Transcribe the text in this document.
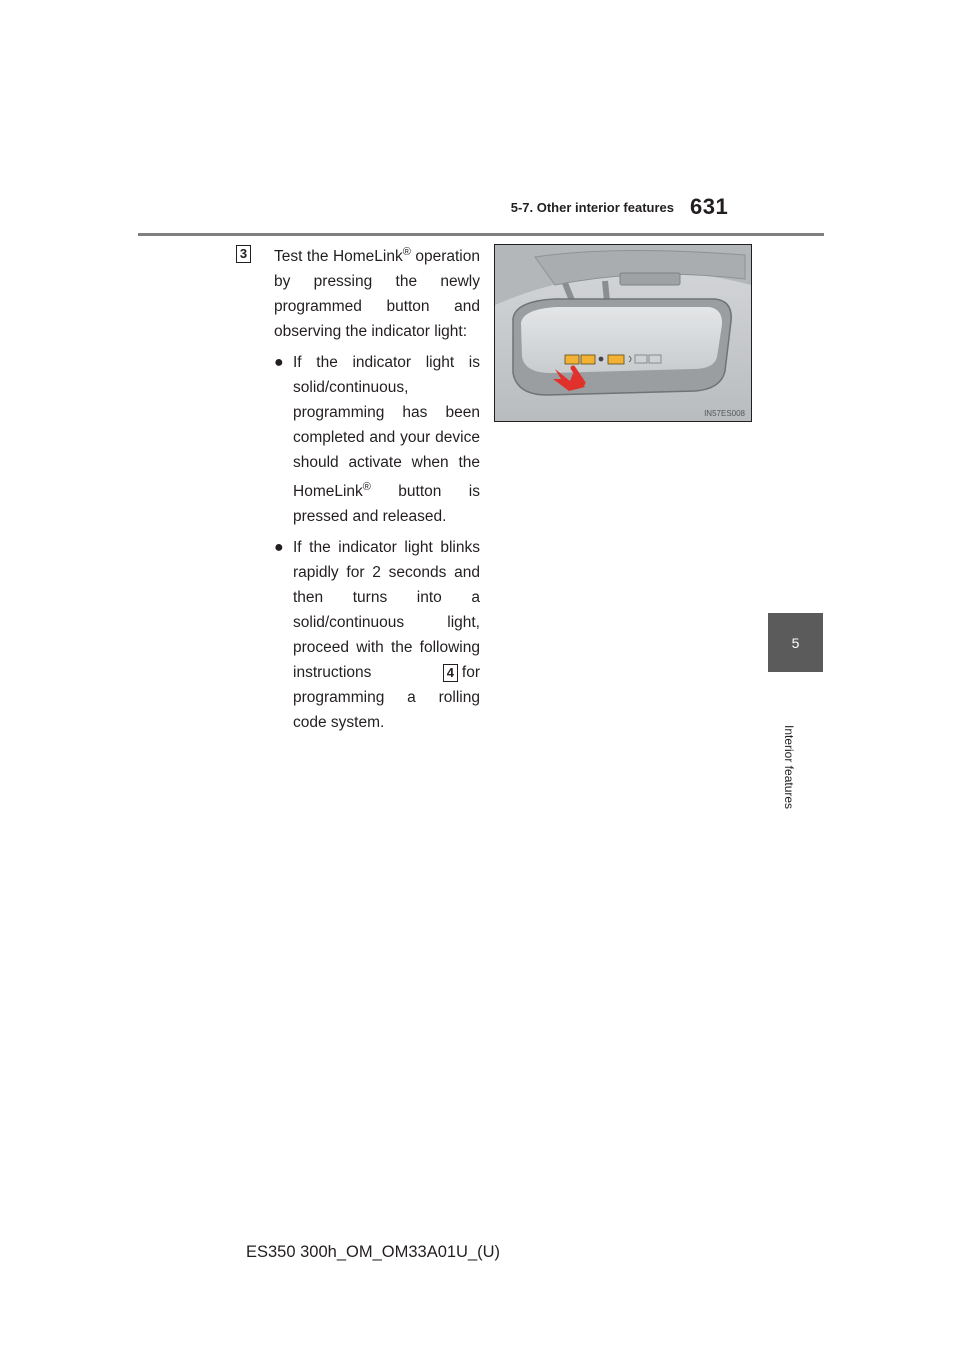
5-7. Other interior features 631
3 Test the HomeLink® operation by pressing the newly programmed button and observing the indicator light:

● If the indicator light is solid/continuous, programming has been completed and your device should activate when the HomeLink® button is pressed and released.
● If the indicator light blinks rapidly for 2 seconds and then turns into a solid/continuous light, proceed with the following instructions 4 for programming a rolling code system.
IN57ES008
5
Interior features
ES350 300h_OM_OM33A01U_(U)
